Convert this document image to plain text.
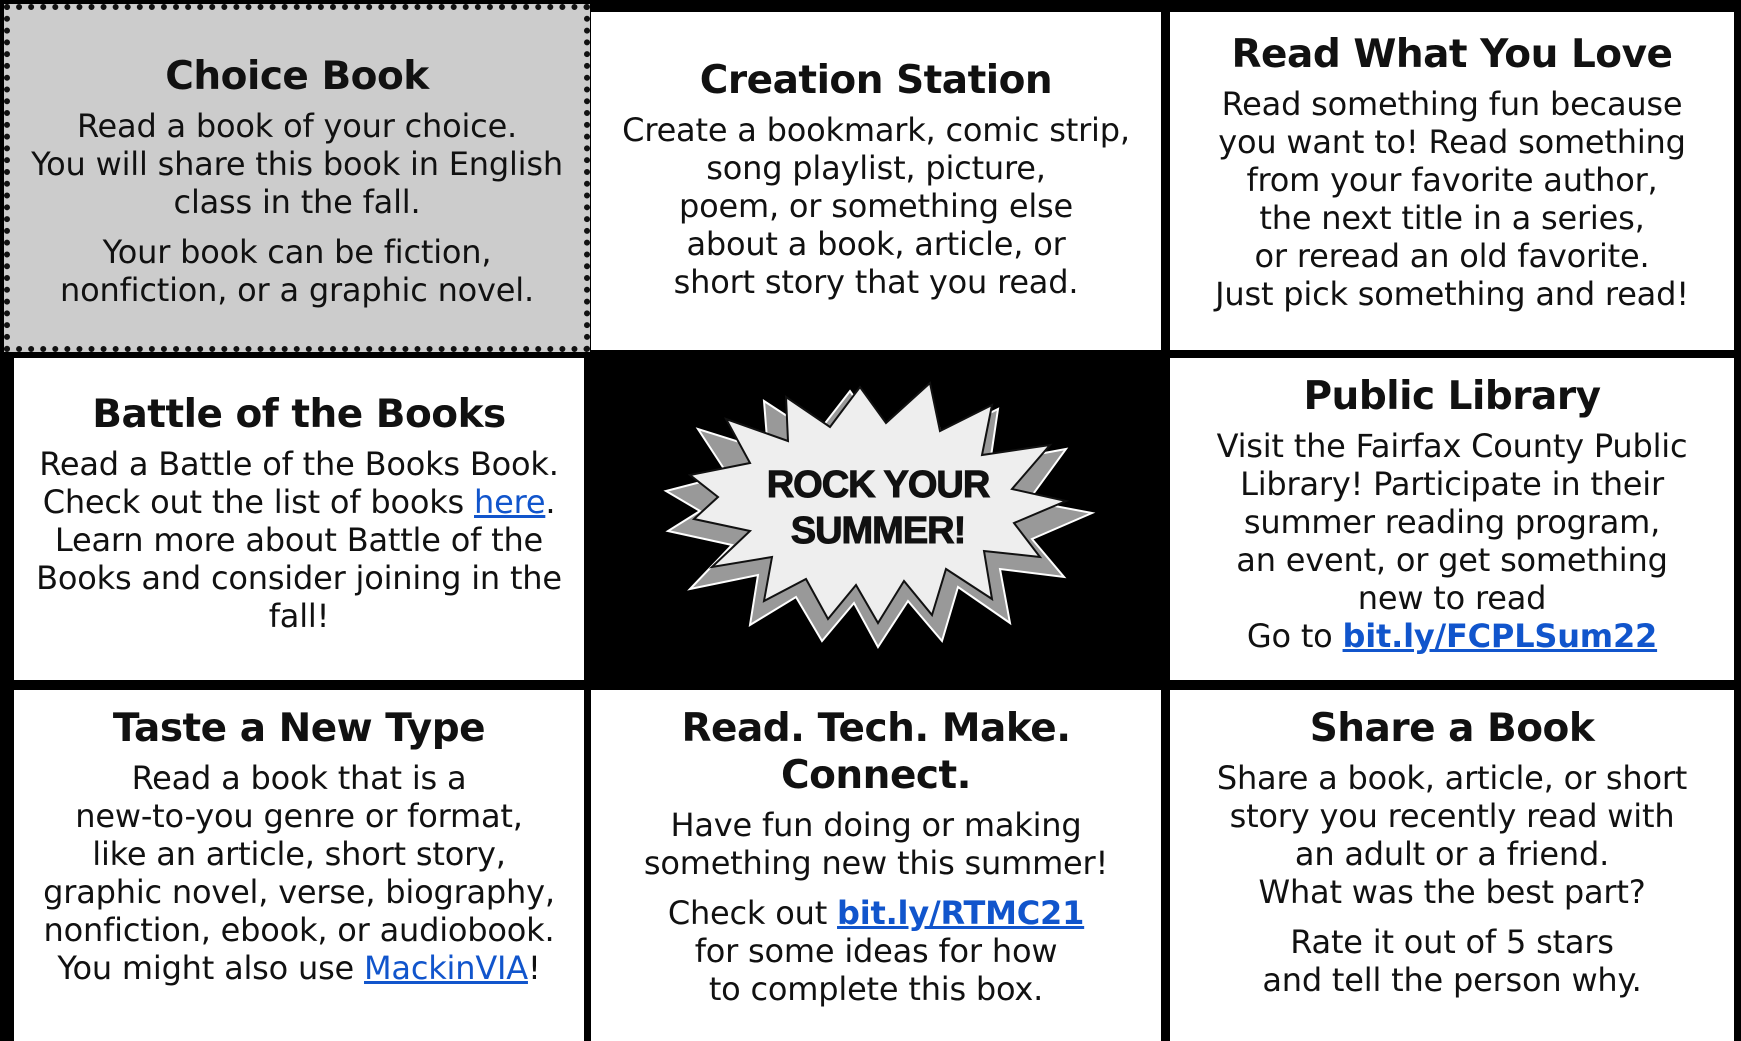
Choice Book

Read a book of your choice.
You will share this book in English
class in the fall.

Your book can be fiction,
nonfiction, or a graphic novel.

Creation Station

Create a bookmark, comic strip,
song playlist, picture,
poem, or something else
about a book, article, or
short story that you read.

Read What You Love

Read something fun because
you want to! Read something
from your favorite author,
the next title in a series,
or reread an old favorite.
Just pick something and read!

Battle of the Books

Read a Battle of the Books Book.
Check out the list of books here.
Learn more about Battle of the
Books and consider joining in the
fall!

ROCK YOUR
SUMMER!
Public Library

Visit the Fairfax County Public
Library! Participate in their
summer reading program,
an event, or get something
new to read
Go to bit.ly/FCPLSum22

Taste a New Type

Read a book that is a
new-to-you genre or format,
like an article, short story,
graphic novel, verse, biography,
nonfiction, ebook, or audiobook.
You might also use MackinVIA!

Read. Tech. Make. Connect.

Have fun doing or making
something new this summer!

Check out bit.ly/RTMC21
for some ideas for how
to complete this box.

Share a Book

Share a book, article, or short
story you recently read with
an adult or a friend.
What was the best part?

Rate it out of 5 stars
and tell the person why.
